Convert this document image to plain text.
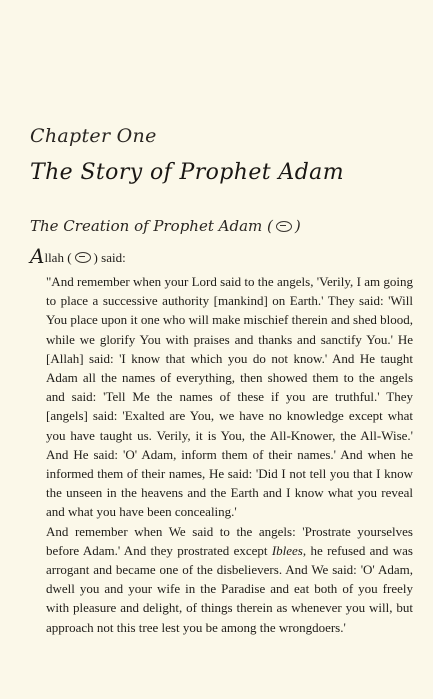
Chapter One
The Story of Prophet Adam
The Creation of Prophet Adam ( )
Allah ( ) said:

"And remember when your Lord said to the angels, 'Verily, I am going to place a successive authority [mankind] on Earth.' They said: 'Will You place upon it one who will make mischief therein and shed blood, while we glorify You with praises and thanks and sanctify You.' He [Allah] said: 'I know that which you do not know.' And He taught Adam all the names of everything, then showed them to the angels and said: 'Tell Me the names of these if you are truthful.' They [angels] said: 'Exalted are You, we have no knowledge except what you have taught us. Verily, it is You, the All-Knower, the All-Wise.' And He said: 'O' Adam, inform them of their names.' And when he informed them of their names, He said: 'Did I not tell you that I know the unseen in the heavens and the Earth and I know what you reveal and what you have been concealing.'

And remember when We said to the angels: 'Prostrate yourselves before Adam.' And they prostrated except Iblees, he refused and was arrogant and became one of the disbelievers. And We said: 'O' Adam, dwell you and your wife in the Paradise and eat both of you freely with pleasure and delight, of things therein as whenever you will, but approach not this tree lest you be among the wrongdoers.'
